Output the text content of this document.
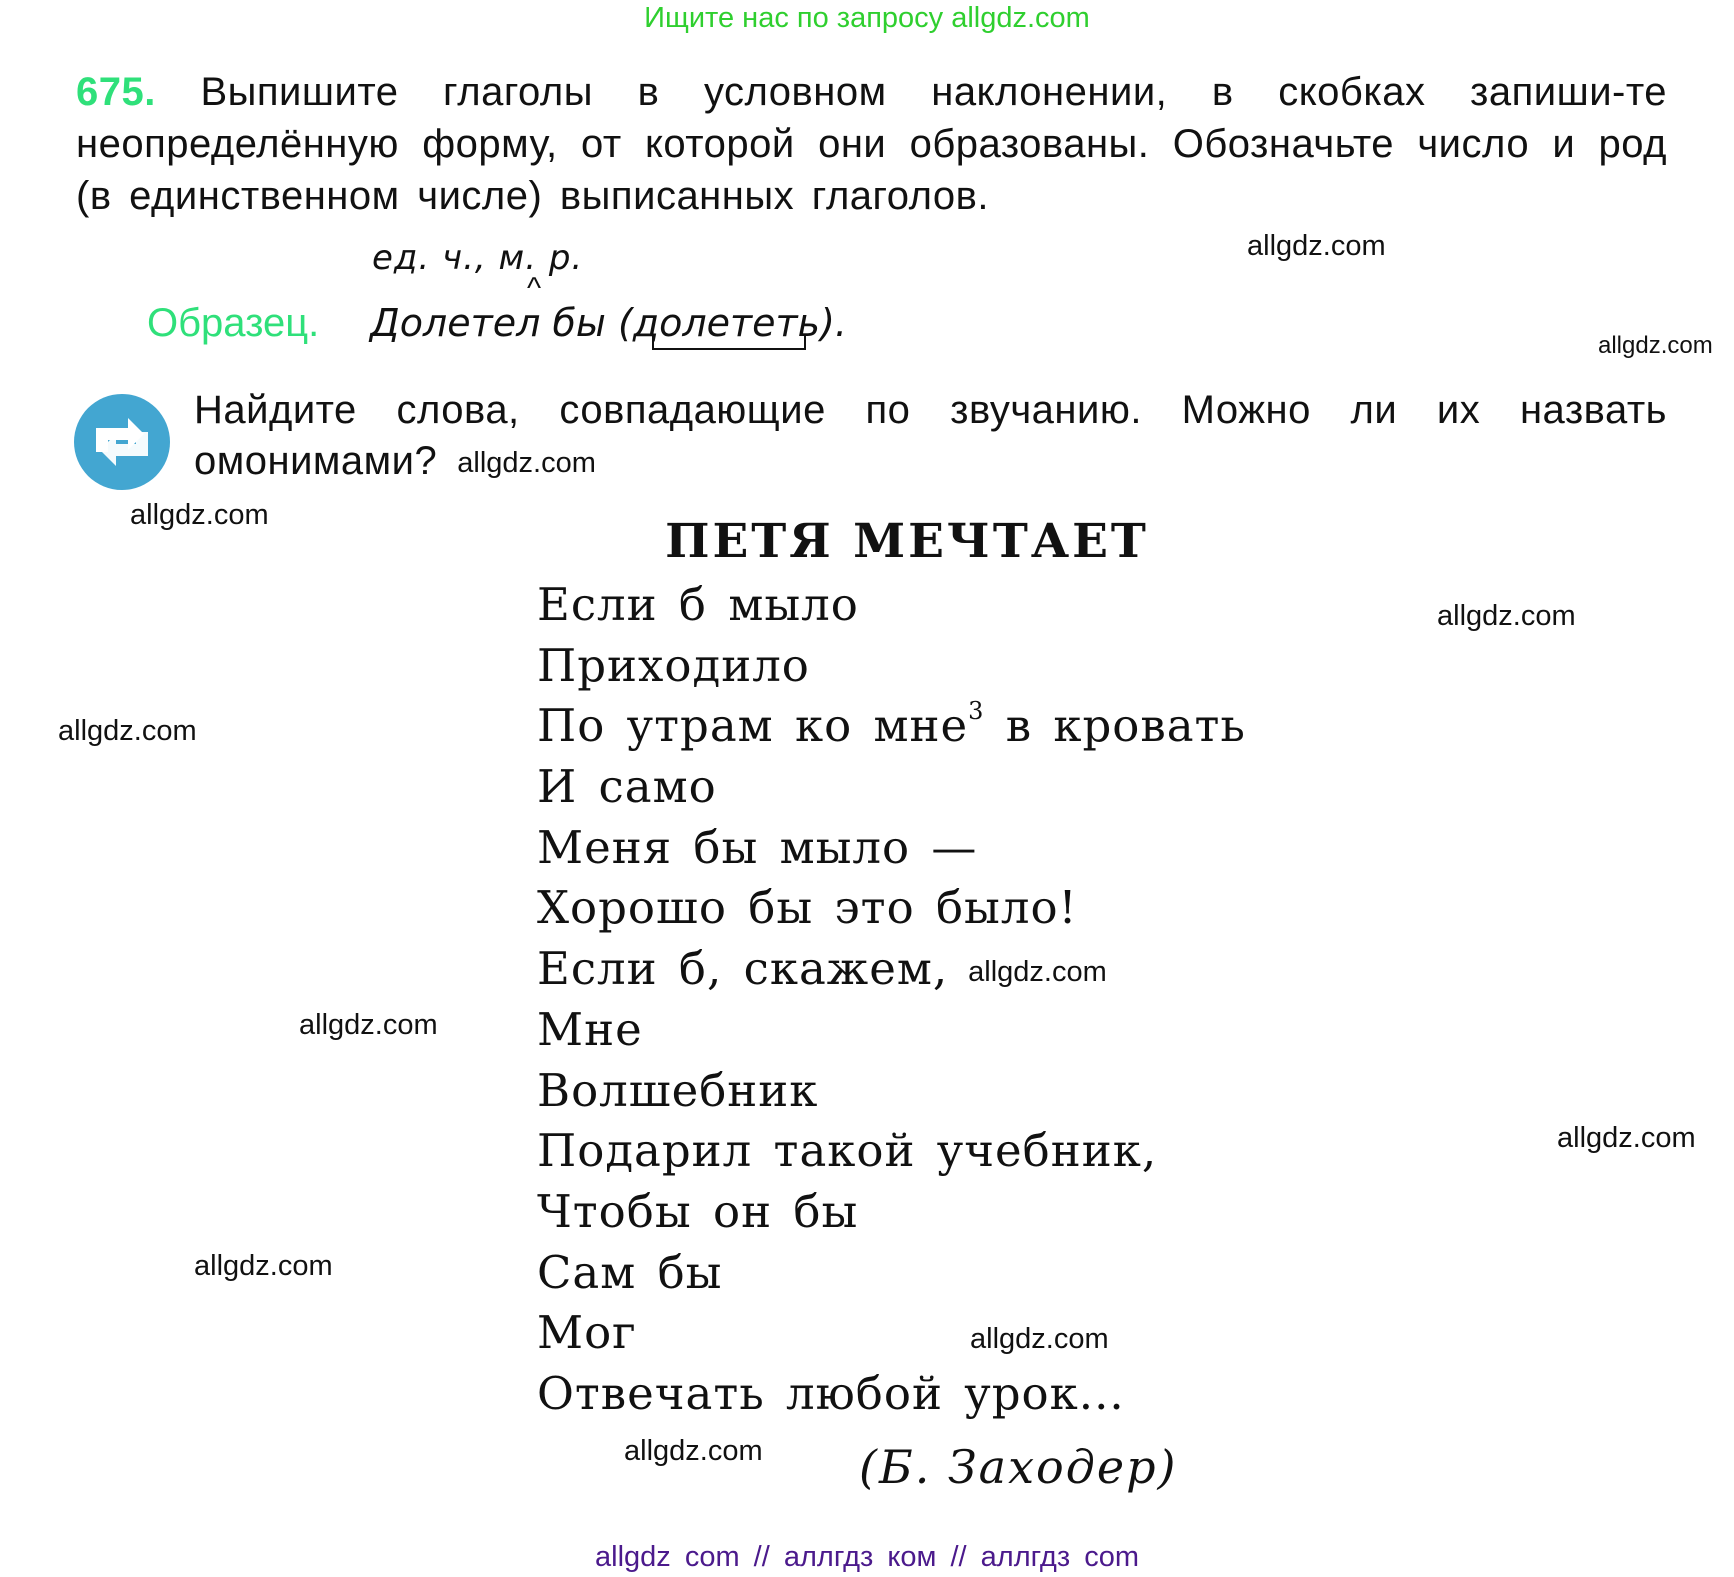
Ищите нас по запросу allgdz.com
675. Выпишите глаголы в условном наклонении, в скобках запиши-те неопределённую форму, от которой они образованы. Обозначьте число и род (в единственном числе) выписанных глаголов.
ед. ч., м. р.
^
Образец. Долетел бы (долететь).
Найдите слова, совпадающие по звучанию. Можно ли их назвать омонимами? allgdz.com
ПЕТЯ МЕЧТАЕТ
Если б мыло
Приходило
По утрам ко мне$^3$ в кровать
И само
Меня бы мыло —
Хорошо бы это было!
Если б, скажем, allgdz.com
Мне
Волшебник
Подарил такой учебник,
Чтобы он бы
Сам бы
Мог
Отвечать любой урок...
(Б. Заходер)
allgdz.com
allgdz.com
allgdz.com
allgdz.com
allgdz.com
allgdz.com
allgdz.com
allgdz.com
allgdz.com
allgdz.com
allgdz com // аллгдз ком // аллгдз com
